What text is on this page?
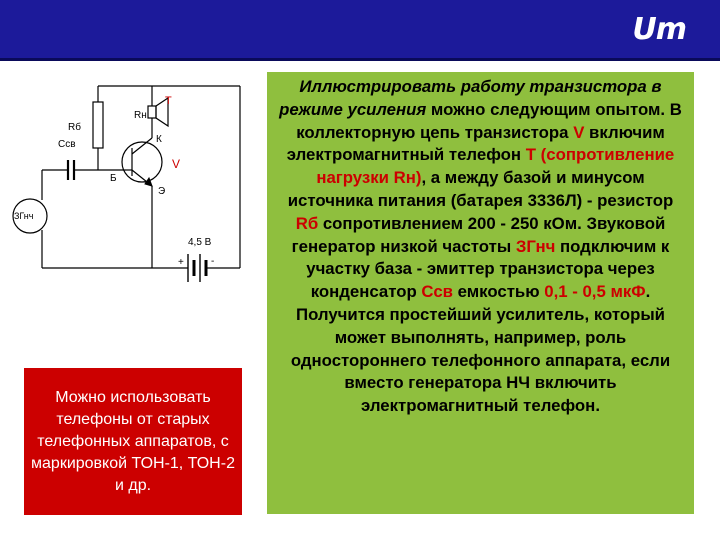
Um
Т
Rн
К
Rб
Ссв
V
Б
Э
ЗГнч
4,5 В
+	-
Можно использовать телефоны от старых телефонных аппаратов, с маркировкой ТОН-1, ТОН-2 и др.
Иллюстрировать работу транзистора в режиме усиления можно следующим опытом. В коллекторную цепь транзистора V включим электромагнитный телефон Т (сопротивление нагрузки Rн), а между базой и минусом источника питания (батарея 3336Л) - резистор Rб сопротивлением 200 - 250 кОм. Звуковой генератор низкой частоты ЗГнч подключим к участку база - эмиттер транзистора через конденсатор Ссв емкостью 0,1 - 0,5 мкФ. Получится простейший усилитель, который может выполнять, например, роль одностороннего телефонного аппарата, если вместо генератора НЧ включить электромагнитный телефон.
